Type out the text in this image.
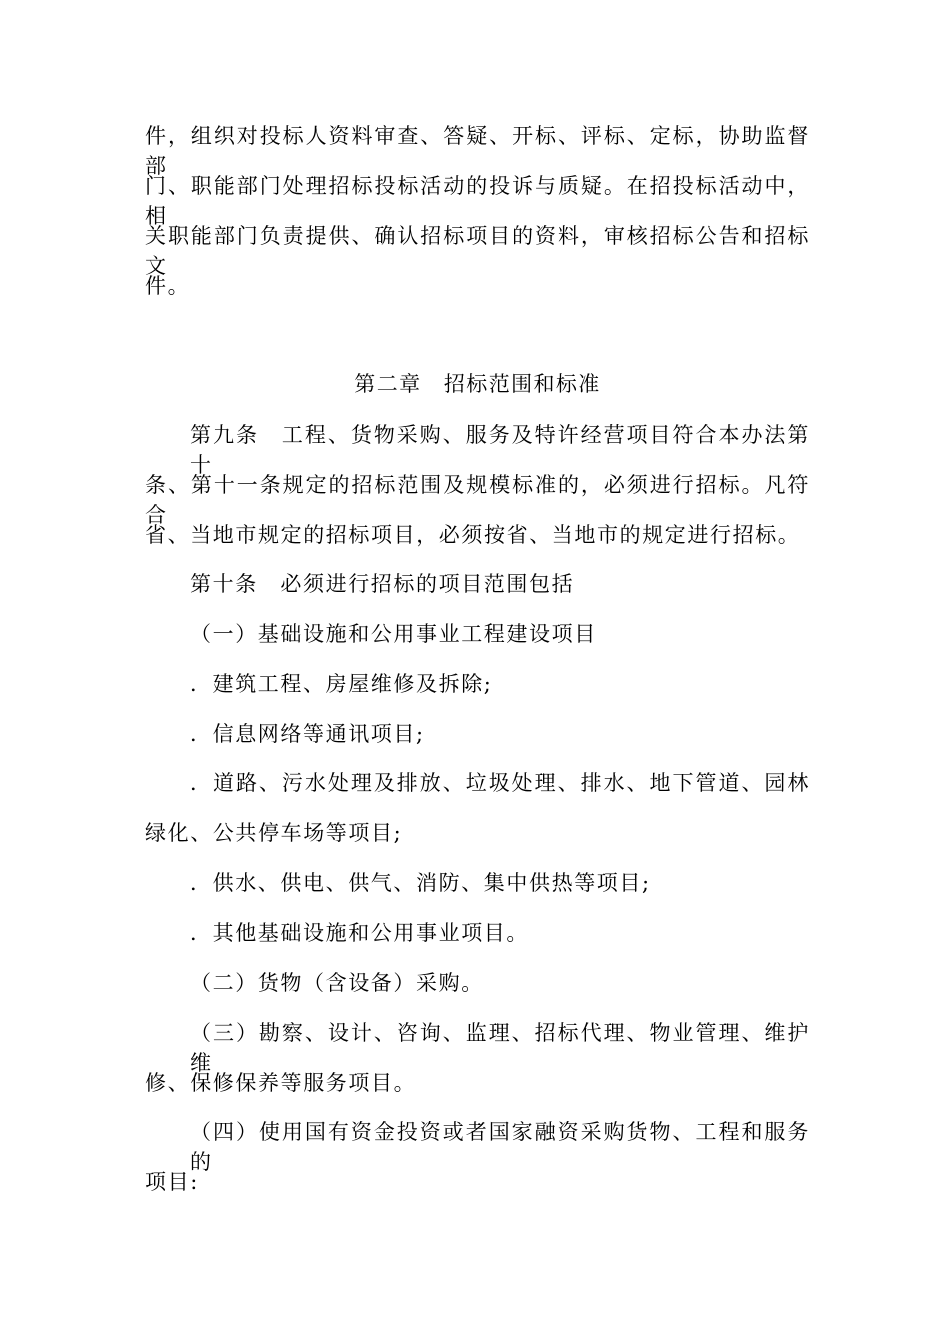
件，组织对投标人资料审查、答疑、开标、评标、定标，协助监督部
门、职能部门处理招标投标活动的投诉与质疑。在招投标活动中，相
关职能部门负责提供、确认招标项目的资料，审核招标公告和招标文
件。
第二章　招标范围和标准
第九条　工程、货物采购、服务及特许经营项目符合本办法第十
条、第十一条规定的招标范围及规模标准的，必须进行招标。凡符合
省、当地市规定的招标项目，必须按省、当地市的规定进行招标。
第十条　必须进行招标的项目范围包括
（一）基础设施和公用事业工程建设项目
．建筑工程、房屋维修及拆除;
．信息网络等通讯项目;
．道路、污水处理及排放、垃圾处理、排水、地下管道、园林
绿化、公共停车场等项目;
．供水、供电、供气、消防、集中供热等项目;
．其他基础设施和公用事业项目。
（二）货物（含设备）采购。
（三）勘察、设计、咨询、监理、招标代理、物业管理、维护维
修、保修保养等服务项目。
（四）使用国有资金投资或者国家融资采购货物、工程和服务的
项目:
